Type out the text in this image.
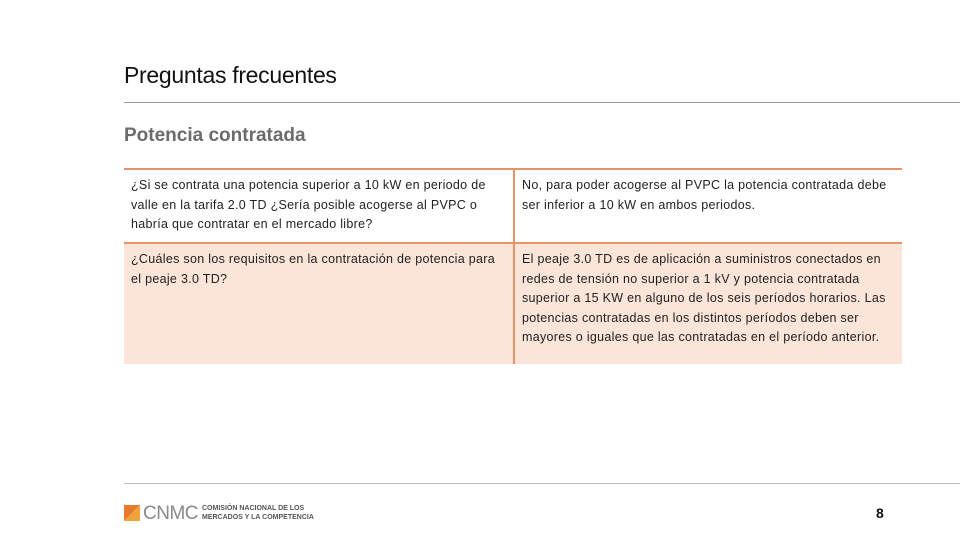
Preguntas frecuentes
Potencia contratada
¿Si se contrata una potencia superior a 10 kW en periodo de valle en la tarifa 2.0 TD ¿Sería posible acogerse al PVPC o habría que contratar en el mercado libre?	No, para poder acogerse al PVPC la potencia contratada debe ser inferior a 10 kW en ambos periodos.
¿Cuáles son los requisitos en la contratación de potencia para el peaje 3.0 TD?	El peaje 3.0 TD es de aplicación a suministros conectados en redes de tensión no superior a 1 kV y potencia contratada superior a 15 KW en alguno de los seis períodos horarios. Las potencias contratadas en los distintos períodos deben ser mayores o iguales que las contratadas en el período anterior.
CNMC COMISIÓN NACIONAL DE LOS
MERCADOS Y LA COMPETENCIA	8
